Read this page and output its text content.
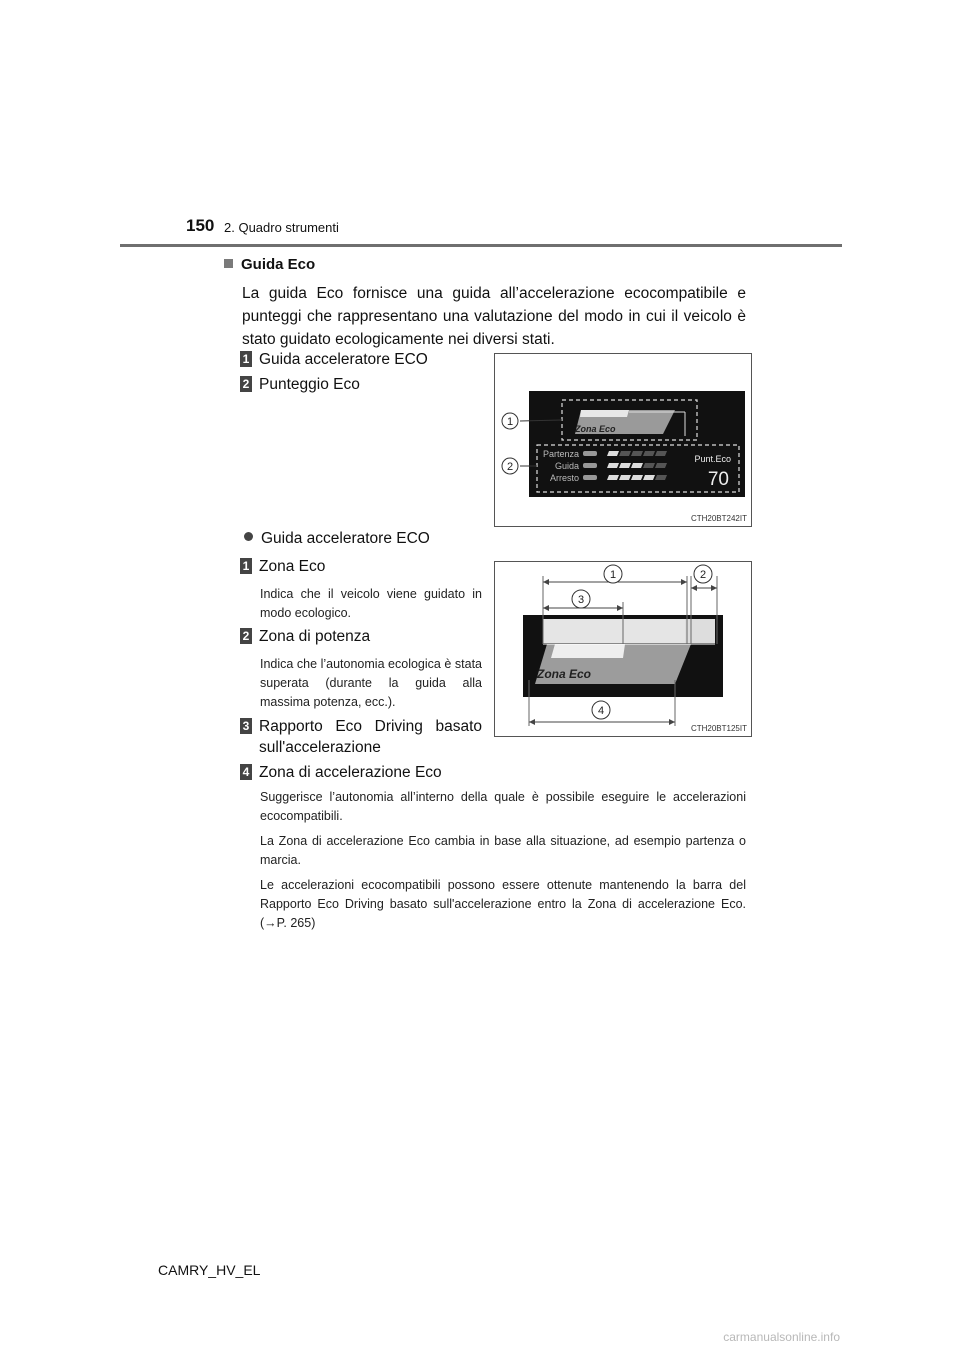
150 2. Quadro strumenti
Guida Eco
La guida Eco fornisce una guida all’accelerazione ecocompatibile e punteggi che rappresentano una valutazione del modo in cui il veicolo è stato guidato ecologicamente nei diversi stati.
1 Guida acceleratore ECO
2 Punteggio Eco
Zona Eco
Partenza
Guida
Arresto
Punt.Eco
70
1
2
CTH20BT242IT
Guida acceleratore ECO
1 Zona Eco
Indica che il veicolo viene guidato in modo ecologico.
2 Zona di potenza
Indica che l’autonomia ecologica è stata superata (durante la guida alla massima potenza, ecc.).
3 Rapporto Eco Driving basato sull'accelerazione
4 Zona di accelerazione Eco
Zona Eco
1	2
3
4
CTH20BT125IT
Suggerisce l’autonomia all’interno della quale è possibile eseguire le accelerazioni ecocompatibili.
La Zona di accelerazione Eco cambia in base alla situazione, ad esempio partenza o marcia.
Le accelerazioni ecocompatibili possono essere ottenute mantenendo la barra del Rapporto Eco Driving basato sull'accelerazione entro la Zona di accelerazione Eco. (→P. 265)
CAMRY_HV_EL
carmanualsonline.info
